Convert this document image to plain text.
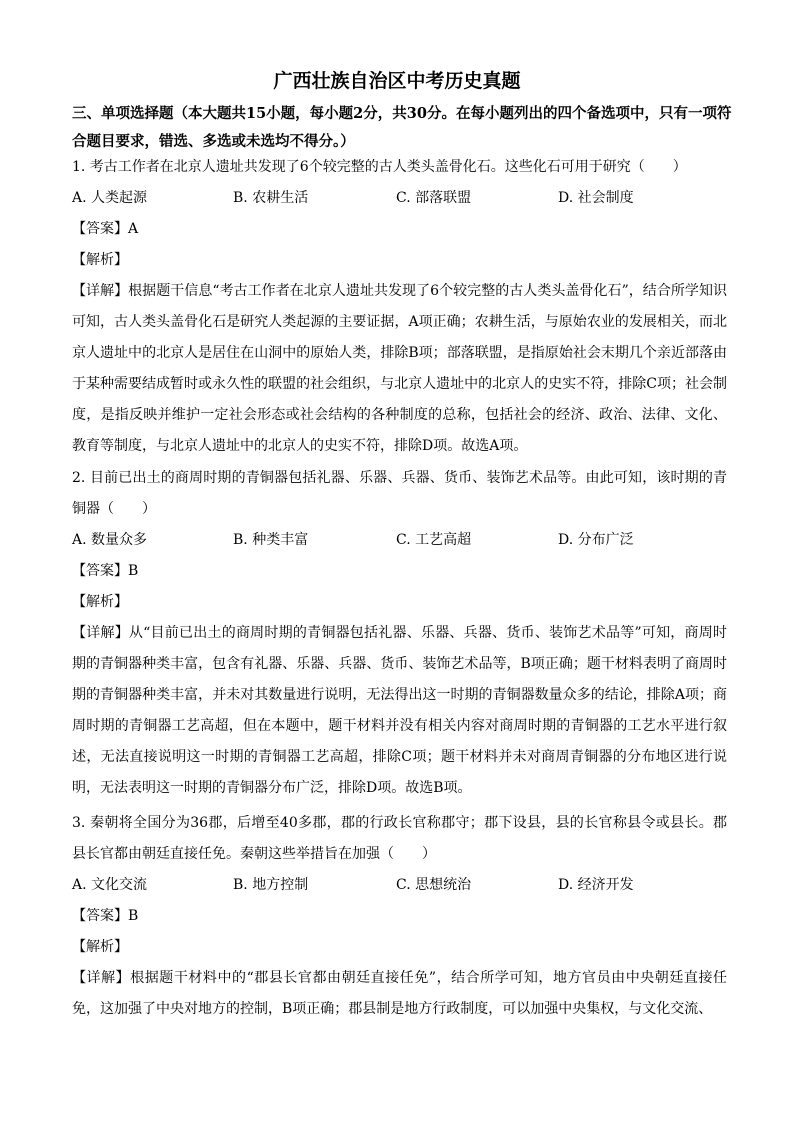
广西壮族自治区中考历史真题
三、单项选择题（本大题共15小题，每小题2分，共30分。在每小题列出的四个备选项中，只有一项符合题目要求，错选、多选或未选均不得分。）
1. 考古工作者在北京人遗址共发现了6个较完整的古人类头盖骨化石。这些化石可用于研究（　　）
A. 人类起源	B. 农耕生活	C. 部落联盟	D. 社会制度
【答案】A
【解析】
【详解】根据题干信息“考古工作者在北京人遗址共发现了6个较完整的古人类头盖骨化石”，结合所学知识可知，古人类头盖骨化石是研究人类起源的主要证据，A项正确；农耕生活，与原始农业的发展相关，而北京人遗址中的北京人是居住在山洞中的原始人类，排除B项；部落联盟，是指原始社会末期几个亲近部落由于某种需要结成暂时或永久性的联盟的社会组织，与北京人遗址中的北京人的史实不符，排除C项；社会制度，是指反映并维护一定社会形态或社会结构的各种制度的总称，包括社会的经济、政治、法律、文化、教育等制度，与北京人遗址中的北京人的史实不符，排除D项。故选A项。
2. 目前已出土的商周时期的青铜器包括礼器、乐器、兵器、货币、装饰艺术品等。由此可知，该时期的青铜器（　　）
A. 数量众多	B. 种类丰富	C. 工艺高超	D. 分布广泛
【答案】B
【解析】
【详解】从“目前已出土的商周时期的青铜器包括礼器、乐器、兵器、货币、装饰艺术品等”可知，商周时期的青铜器种类丰富，包含有礼器、乐器、兵器、货币、装饰艺术品等，B项正确；题干材料表明了商周时期的青铜器种类丰富，并未对其数量进行说明，无法得出这一时期的青铜器数量众多的结论，排除A项；商周时期的青铜器工艺高超，但在本题中，题干材料并没有相关内容对商周时期的青铜器的工艺水平进行叙述，无法直接说明这一时期的青铜器工艺高超，排除C项；题干材料并未对商周青铜器的分布地区进行说明，无法表明这一时期的青铜器分布广泛，排除D项。故选B项。
3. 秦朝将全国分为36郡，后增至40多郡，郡的行政长官称郡守；郡下设县，县的长官称县令或县长。郡县长官都由朝廷直接任免。秦朝这些举措旨在加强（　　）
A. 文化交流	B. 地方控制	C. 思想统治	D. 经济开发
【答案】B
【解析】
【详解】根据题干材料中的“郡县长官都由朝廷直接任免”，结合所学可知，地方官员由中央朝廷直接任免，这加强了中央对地方的控制，B项正确；郡县制是地方行政制度，可以加强中央集权，与文化交流、
